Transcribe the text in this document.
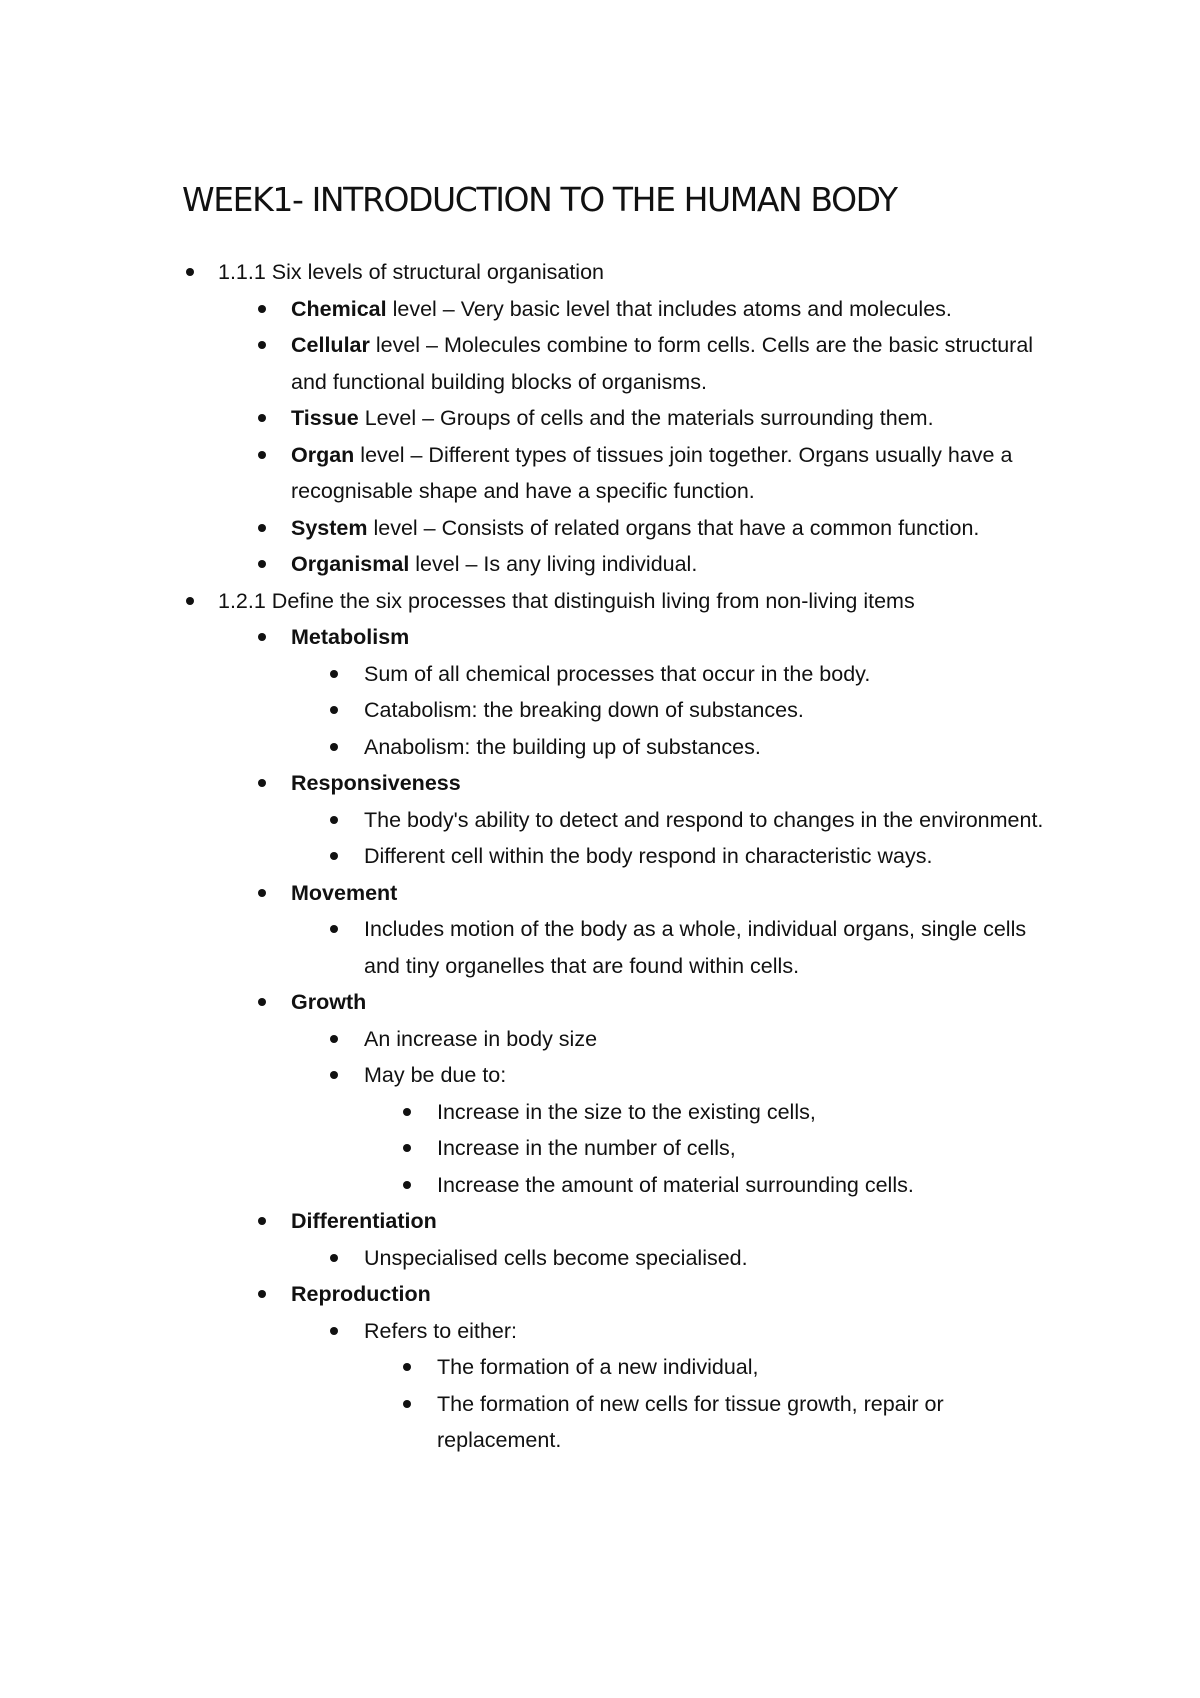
WEEK1- INTRODUCTION TO THE HUMAN BODY
1.1.1 Six levels of structural organisation
Chemical level – Very basic level that includes atoms and molecules.
Cellular level – Molecules combine to form cells. Cells are the basic structural and functional building blocks of organisms.
Tissue Level – Groups of cells and the materials surrounding them.
Organ level – Different types of tissues join together. Organs usually have a recognisable shape and have a specific function.
System level – Consists of related organs that have a common function.
Organismal level – Is any living individual.
1.2.1 Define the six processes that distinguish living from non-living items
Metabolism
Sum of all chemical processes that occur in the body.
Catabolism: the breaking down of substances.
Anabolism: the building up of substances.
Responsiveness
The body's ability to detect and respond to changes in the environment.
Different cell within the body respond in characteristic ways.
Movement
Includes motion of the body as a whole, individual organs, single cells and tiny organelles that are found within cells.
Growth
An increase in body size
May be due to:
Increase in the size to the existing cells,
Increase in the number of cells,
Increase the amount of material surrounding cells.
Differentiation
Unspecialised cells become specialised.
Reproduction
Refers to either:
The formation of a new individual,
The formation of new cells for tissue growth, repair or replacement.
